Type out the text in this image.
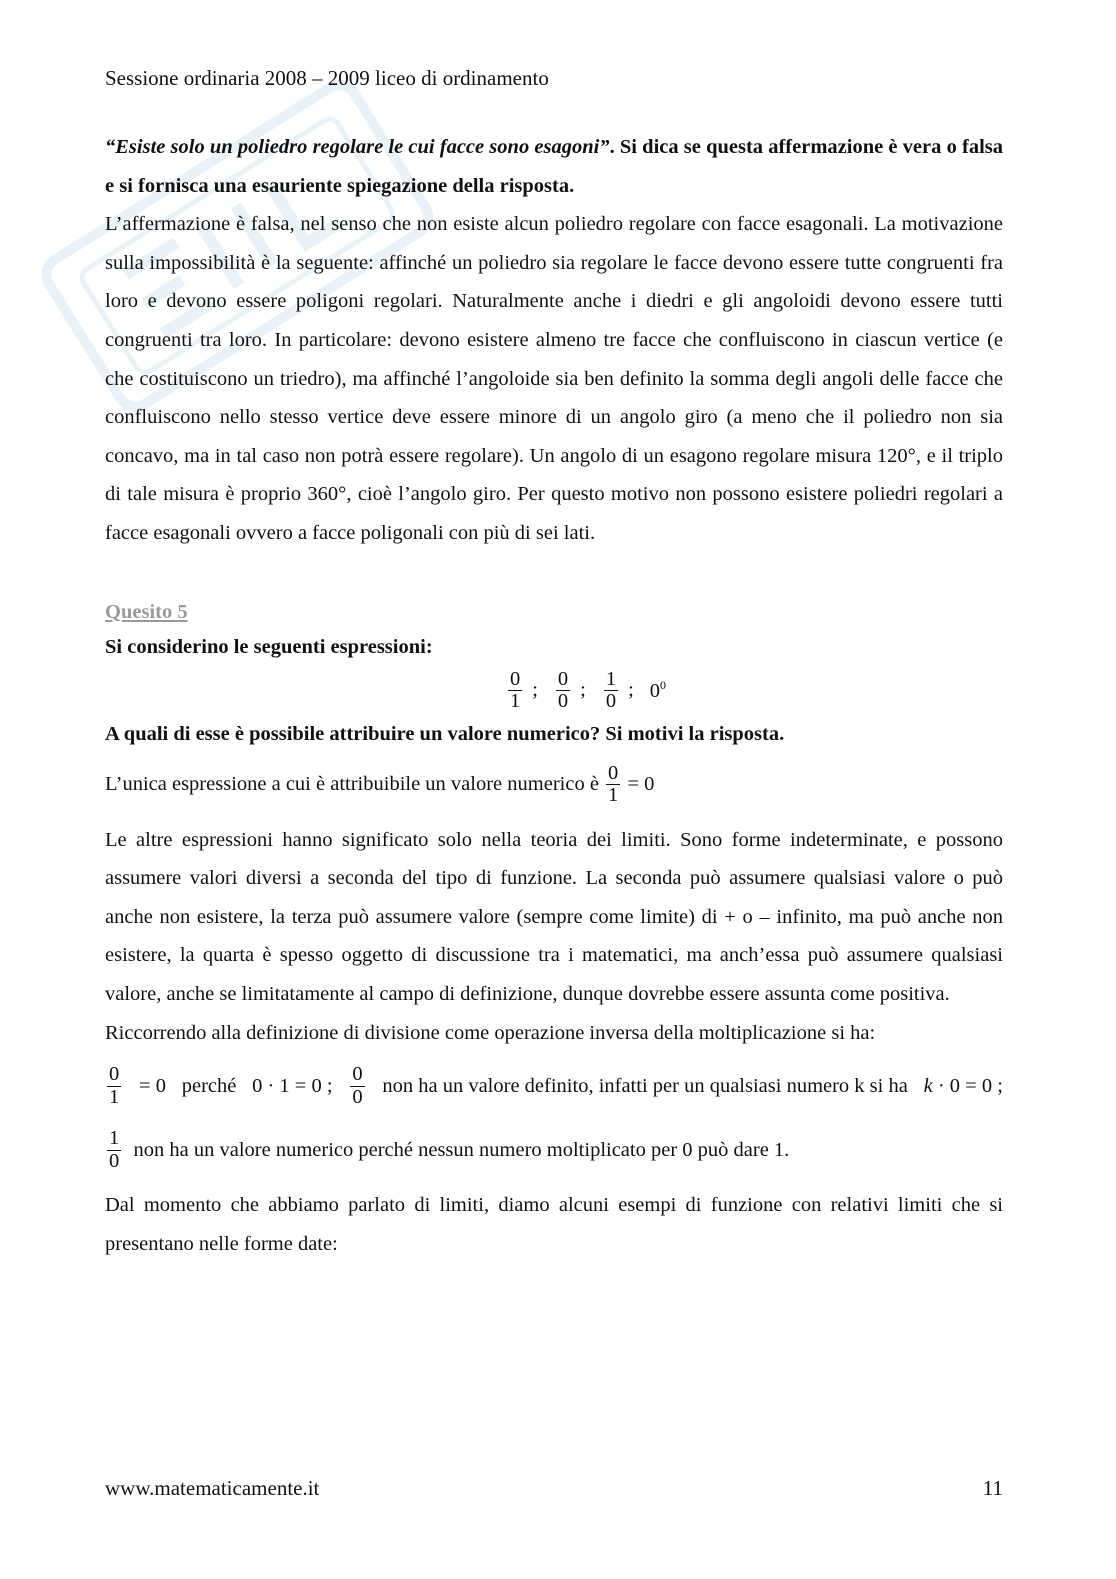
Sessione ordinaria 2008 – 2009 liceo di ordinamento

“Esiste solo un poliedro regolare le cui facce sono esagoni”. Si dica se questa affermazione è vera o falsa e si fornisca una esauriente spiegazione della risposta.

L’affermazione è falsa, nel senso che non esiste alcun poliedro regolare con facce esagonali. La motivazione sulla impossibilità è la seguente: affinché un poliedro sia regolare le facce devono essere tutte congruenti fra loro e devono essere poligoni regolari. Naturalmente anche i diedri e gli angoloidi devono essere tutti congruenti tra loro. In particolare: devono esistere almeno tre facce che confluiscono in ciascun vertice (e che costituiscono un triedro), ma affinché l’angoloide sia ben definito la somma degli angoli delle facce che confluiscono nello stesso vertice deve essere minore di un angolo giro (a meno che il poliedro non sia concavo, ma in tal caso non potrà essere regolare). Un angolo di un esagono regolare misura 120°, e il triplo di tale misura è proprio 360°, cioè l’angolo giro. Per questo motivo non possono esistere poliedri regolari a facce esagonali ovvero a facce poligonali con più di sei lati.

Quesito 5

Si considerino le seguenti espressioni:

$\frac{0}{1}$ ; $\frac{0}{0}$ ; $\frac{1}{0}$ ; $0^0$

A quali di esse è possibile attribuire un valore numerico? Si motivi la risposta.

L’unica espressione a cui è attribuibile un valore numerico è
$\frac{0}{1}$
= 0

Le altre espressioni hanno significato solo nella teoria dei limiti. Sono forme indeterminate, e possono assumere valori diversi a seconda del tipo di funzione. La seconda può assumere qualsiasi valore o può anche non esistere, la terza può assumere valore (sempre come limite) di + o – infinito, ma può anche non esistere, la quarta è spesso oggetto di discussione tra i matematici, ma anch’essa può assumere qualsiasi valore, anche se limitatamente al campo di definizione, dunque dovrebbe essere assunta come positiva.

Riccorrendo alla definizione di divisione come operazione inversa della moltiplicazione si ha:

$\frac{0}{1} = 0$ perché 0 · 1 = 0 ; $\frac{0}{0}$ non ha un valore definito, infatti per un qualsiasi numero k si ha k · 0 = 0 ;
$\frac{1}{0}$
non ha un valore numerico perché nessun numero moltiplicato per 0 può dare 1.

Dal momento che abbiamo parlato di limiti, diamo alcuni esempi di funzione con relativi limiti che si presentano nelle forme date:

www.matematicamente.it	11
